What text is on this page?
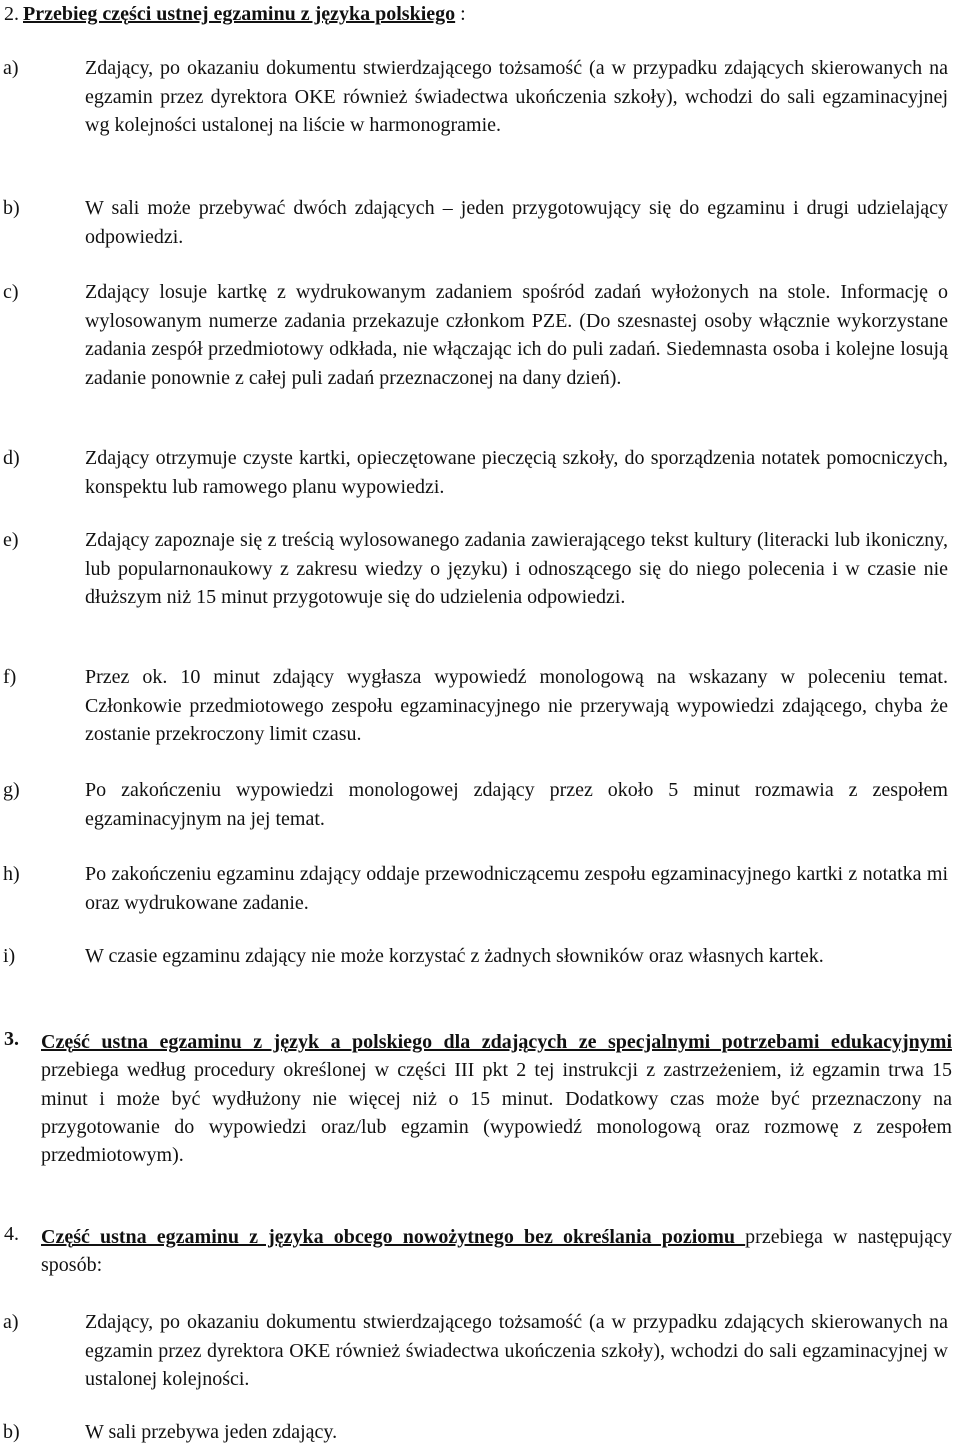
2. Przebieg części ustnej egzaminu z języka polskiego :
a)	Zdający, po okazaniu dokumentu stwierdzającego tożsamość (a w przypadku zdających skierowanych na egzamin przez dyrektora OKE również świadectwa ukończenia szkoły), wchodzi do sali egzaminacyjnej wg kolejności ustalonej na liście w harmonogramie.
b)	W sali może przebywać dwóch zdających – jeden przygotowujący się do egzaminu i drugi udzielający odpowiedzi.
c)	Zdający losuje kartkę z wydrukowanym zadaniem spośród zadań wyłożonych na stole. Informację o wylosowanym numerze zadania przekazuje członkom PZE. (Do szesnastej osoby włącznie wykorzystane zadania zespół przedmiotowy odkłada, nie włączając ich do puli zadań. Siedemnasta osoba i kolejne losują zadanie ponownie z całej puli zadań przeznaczonej na dany dzień).
d)	Zdający otrzymuje czyste kartki, opieczętowane pieczęcią szkoły, do sporządzenia notatek pomocniczych, konspektu lub ramowego planu wypowiedzi.
e)	Zdający zapoznaje się z treścią wylosowanego zadania zawierającego tekst kultury (literacki lub ikoniczny, lub popularnonaukowy z zakresu wiedzy o języku) i odnoszącego się do niego polecenia i w czasie nie dłuższym niż 15 minut przygotowuje się do udzielenia odpowiedzi.
f)	Przez ok. 10 minut zdający wygłasza wypowiedź monologową na wskazany w poleceniu temat. Członkowie przedmiotowego zespołu egzaminacyjnego nie przerywają wypowiedzi zdającego, chyba że zostanie przekroczony limit czasu.
g)	Po zakończeniu wypowiedzi monologowej zdający przez około 5 minut rozmawia z zespołem egzaminacyjnym na jej temat.
h)	Po zakończeniu egzaminu zdający oddaje przewodniczącemu zespołu egzaminacyjnego kartki z notatka mi oraz wydrukowane zadanie.
i)	W czasie egzaminu zdający nie może korzystać z żadnych słowników oraz własnych kartek.
3. Część ustna egzaminu z język a polskiego dla zdających ze specjalnymi potrzebami edukacyjnymi przebiega według procedury określonej w części III pkt 2 tej instrukcji z zastrzeżeniem, iż egzamin trwa 15 minut i może być wydłużony nie więcej niż o 15 minut. Dodatkowy czas może być przeznaczony na przygotowanie do wypowiedzi oraz/lub egzamin (wypowiedź monologową oraz rozmowę z zespołem przedmiotowym).
4. Część ustna egzaminu z języka obcego nowożytnego bez określania poziomu przebiega w następujący sposób:
a)	Zdający, po okazaniu dokumentu stwierdzającego tożsamość (a w przypadku zdających skierowanych na egzamin przez dyrektora OKE również świadectwa ukończenia szkoły), wchodzi do sali egzaminacyjnej w ustalonej kolejności.
b)	W sali przebywa jeden zdający.
